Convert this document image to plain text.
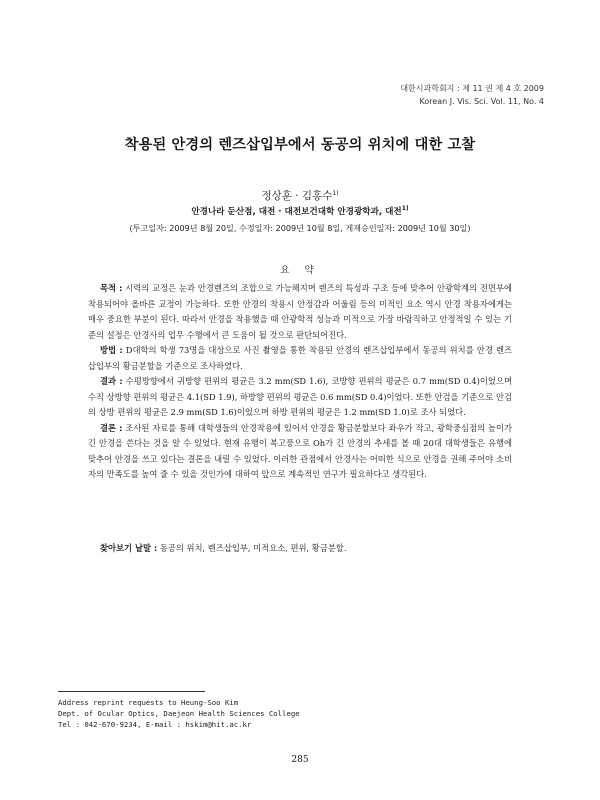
대한시과학회지 : 제 11 권 제 4 호 2009
Korean J. Vis. Sci. Vol. 11, No. 4
착용된 안경의 렌즈삽입부에서 동공의 위치에 대한 고찰
정상훈 · 김홍수$^{1)}$
안경나라 둔산점, 대전 · 대전보건대학 안경광학과, 대전$^{1)}$
(투고일자: 2009년 8월 20일, 수정일자: 2009년 10월 8일, 게재승인일자: 2009년 10월 30일)
요 약

목적 : 시력의 교정은 눈과 안경렌즈의 조합으로 가능해지며 렌즈의 특성과 구조 등에 맞추어 안광학계의 전면부에 착용되어야 올바른 교정이 가능하다. 또한 안경의 착용시 안정감과 어울림 등의 미적인 요소 역시 안경 착용자에게는 매우 중요한 부분이 된다. 따라서 안경을 착용했을 때 안광학적 성능과 미적으로 가장 바람직하고 안정적일 수 있는 기준의 설정은 안경사의 업무 수행에서 큰 도움이 될 것으로 판단되어진다.

방법 : D대학의 학생 73명을 대상으로 사진 촬영을 통한 착용된 안경의 렌즈삽입부에서 동공의 위치를 안경 렌즈삽입부의 황금분할을 기준으로 조사하였다.

결과 : 수평방향에서 귀방향 편위의 평균은 3.2 mm(SD 1.6), 코방향 편위의 평균은 0.7 mm(SD 0.4)이었으며 수직 상방향 편위의 평균은 4.1(SD 1.9), 하방향 편위의 평균은 0.6 mm(SD 0.4)이었다. 또한 안검을 기준으로 안검의 상방 편위의 평균은 2.9 mm(SD 1.6)이었으며 하방 편위의 평균은 1.2 mm(SD 1.0)로 조사 되었다.

결론 : 조사된 자료를 통해 대학생들의 안경착용에 있어서 안경을 황금분할보다 좌우가 작고, 광학중심점의 높이가 긴 안경을 쓴다는 것을 알 수 있었다. 현재 유행이 복고풍으로 Oh가 긴 안경의 추세를 볼 때 20대 대학생들은 유행에 맞추어 안경을 쓰고 있다는 결론을 내릴 수 있었다. 이러한 관점에서 안경사는 어떠한 식으로 안경을 권해 주어야 소비자의 만족도를 높여 줄 수 있을 것인가에 대하여 앞으로 계속적인 연구가 필요하다고 생각된다.

찾아보기 낱말 : 동공의 위치, 렌즈삽입부, 미적요소, 편위, 황금분할.
Address reprint requests to Heung-Soo Kim
Dept. of Ocular Optics, Daejeon Health Sciences College
Tel : 042-670-9234, E-mail : hskim@hit.ac.kr
285
